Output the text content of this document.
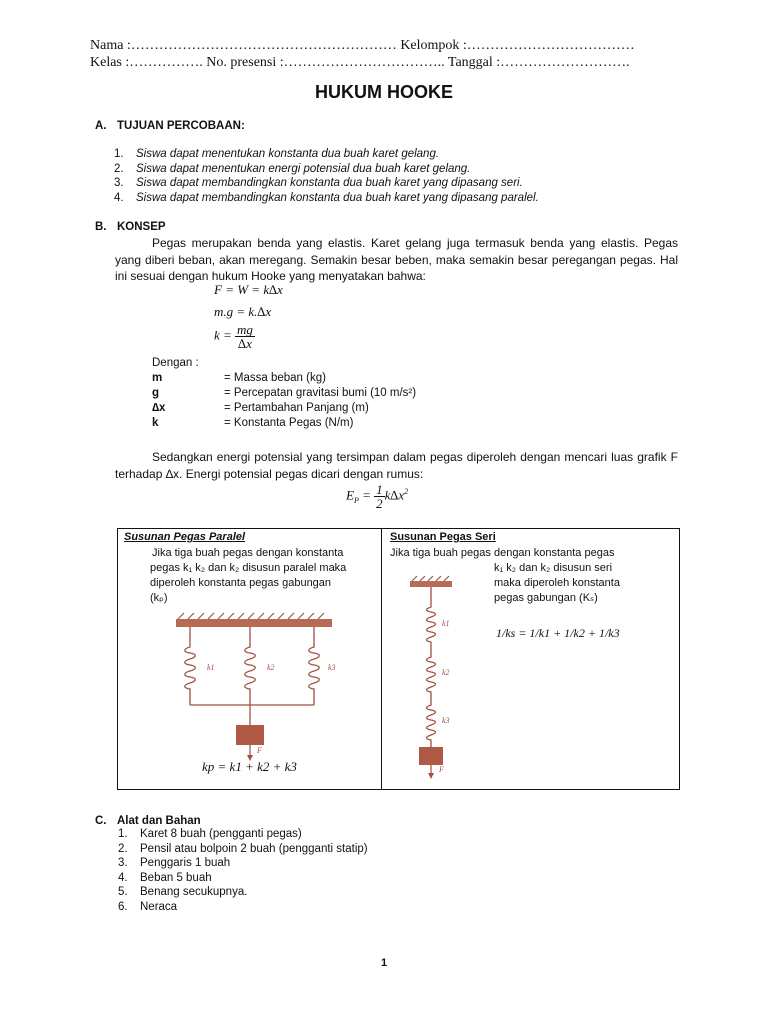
Nama :………………………………………………… Kelompok :………………………………
Kelas :……………. No. presensi :…………………………….. Tanggal :……………………….
HUKUM HOOKE
A. TUJUAN PERCOBAAN:
1. Siswa dapat menentukan konstanta dua buah karet gelang.
2. Siswa dapat menentukan energi potensial dua buah karet gelang.
3. Siswa dapat membandingkan konstanta dua buah karet yang dipasang seri.
4. Siswa dapat membandingkan konstanta dua buah karet yang dipasang paralel.
B. KONSEP
Pegas merupakan benda yang elastis. Karet gelang juga termasuk benda yang elastis. Pegas yang diberi beban, akan meregang. Semakin besar beben, maka semakin besar peregangan pegas. Hal ini sesuai dengan hukum Hooke yang menyatakan bahwa:
F = W = k∆x
m.g = k.∆x
$k = \frac{mg}{\Delta x}$
Dengan :
m	= Massa beban (kg)
g	= Percepatan gravitasi bumi (10 m/s²)
∆x	= Pertambahan Panjang (m)
k	= Konstanta Pegas (N/m)
Sedangkan energi potensial yang tersimpan dalam pegas diperoleh dengan mencari luas grafik F terhadap ∆x. Energi potensial pegas dicari dengan rumus:
$E_P = \frac{1}{2} k\Delta x^2$
Susunan Pegas Paralel
Jika tiga buah pegas dengan konstanta
pegas k₁ k₂ dan k₂ disusun paralel maka
diperoleh konstanta pegas gabungan
(kₚ)
k1	k2	k3
F
kp = k1 + k2 + k3
Susunan Pegas Seri
Jika tiga buah pegas dengan konstanta pegas
k₁ k₂ dan k₂ disusun seri
maka diperoleh konstanta
pegas gabungan (Kₛ)
k1
k2
k3
F
1/ks = 1/k1 + 1/k2 + 1/k3
C. Alat dan Bahan
1. Karet 8 buah (pengganti pegas)
2. Pensil atau bolpoin 2 buah (pengganti statip)
3. Penggaris 1 buah
4. Beban 5 buah
5. Benang secukupnya.
6. Neraca
1
